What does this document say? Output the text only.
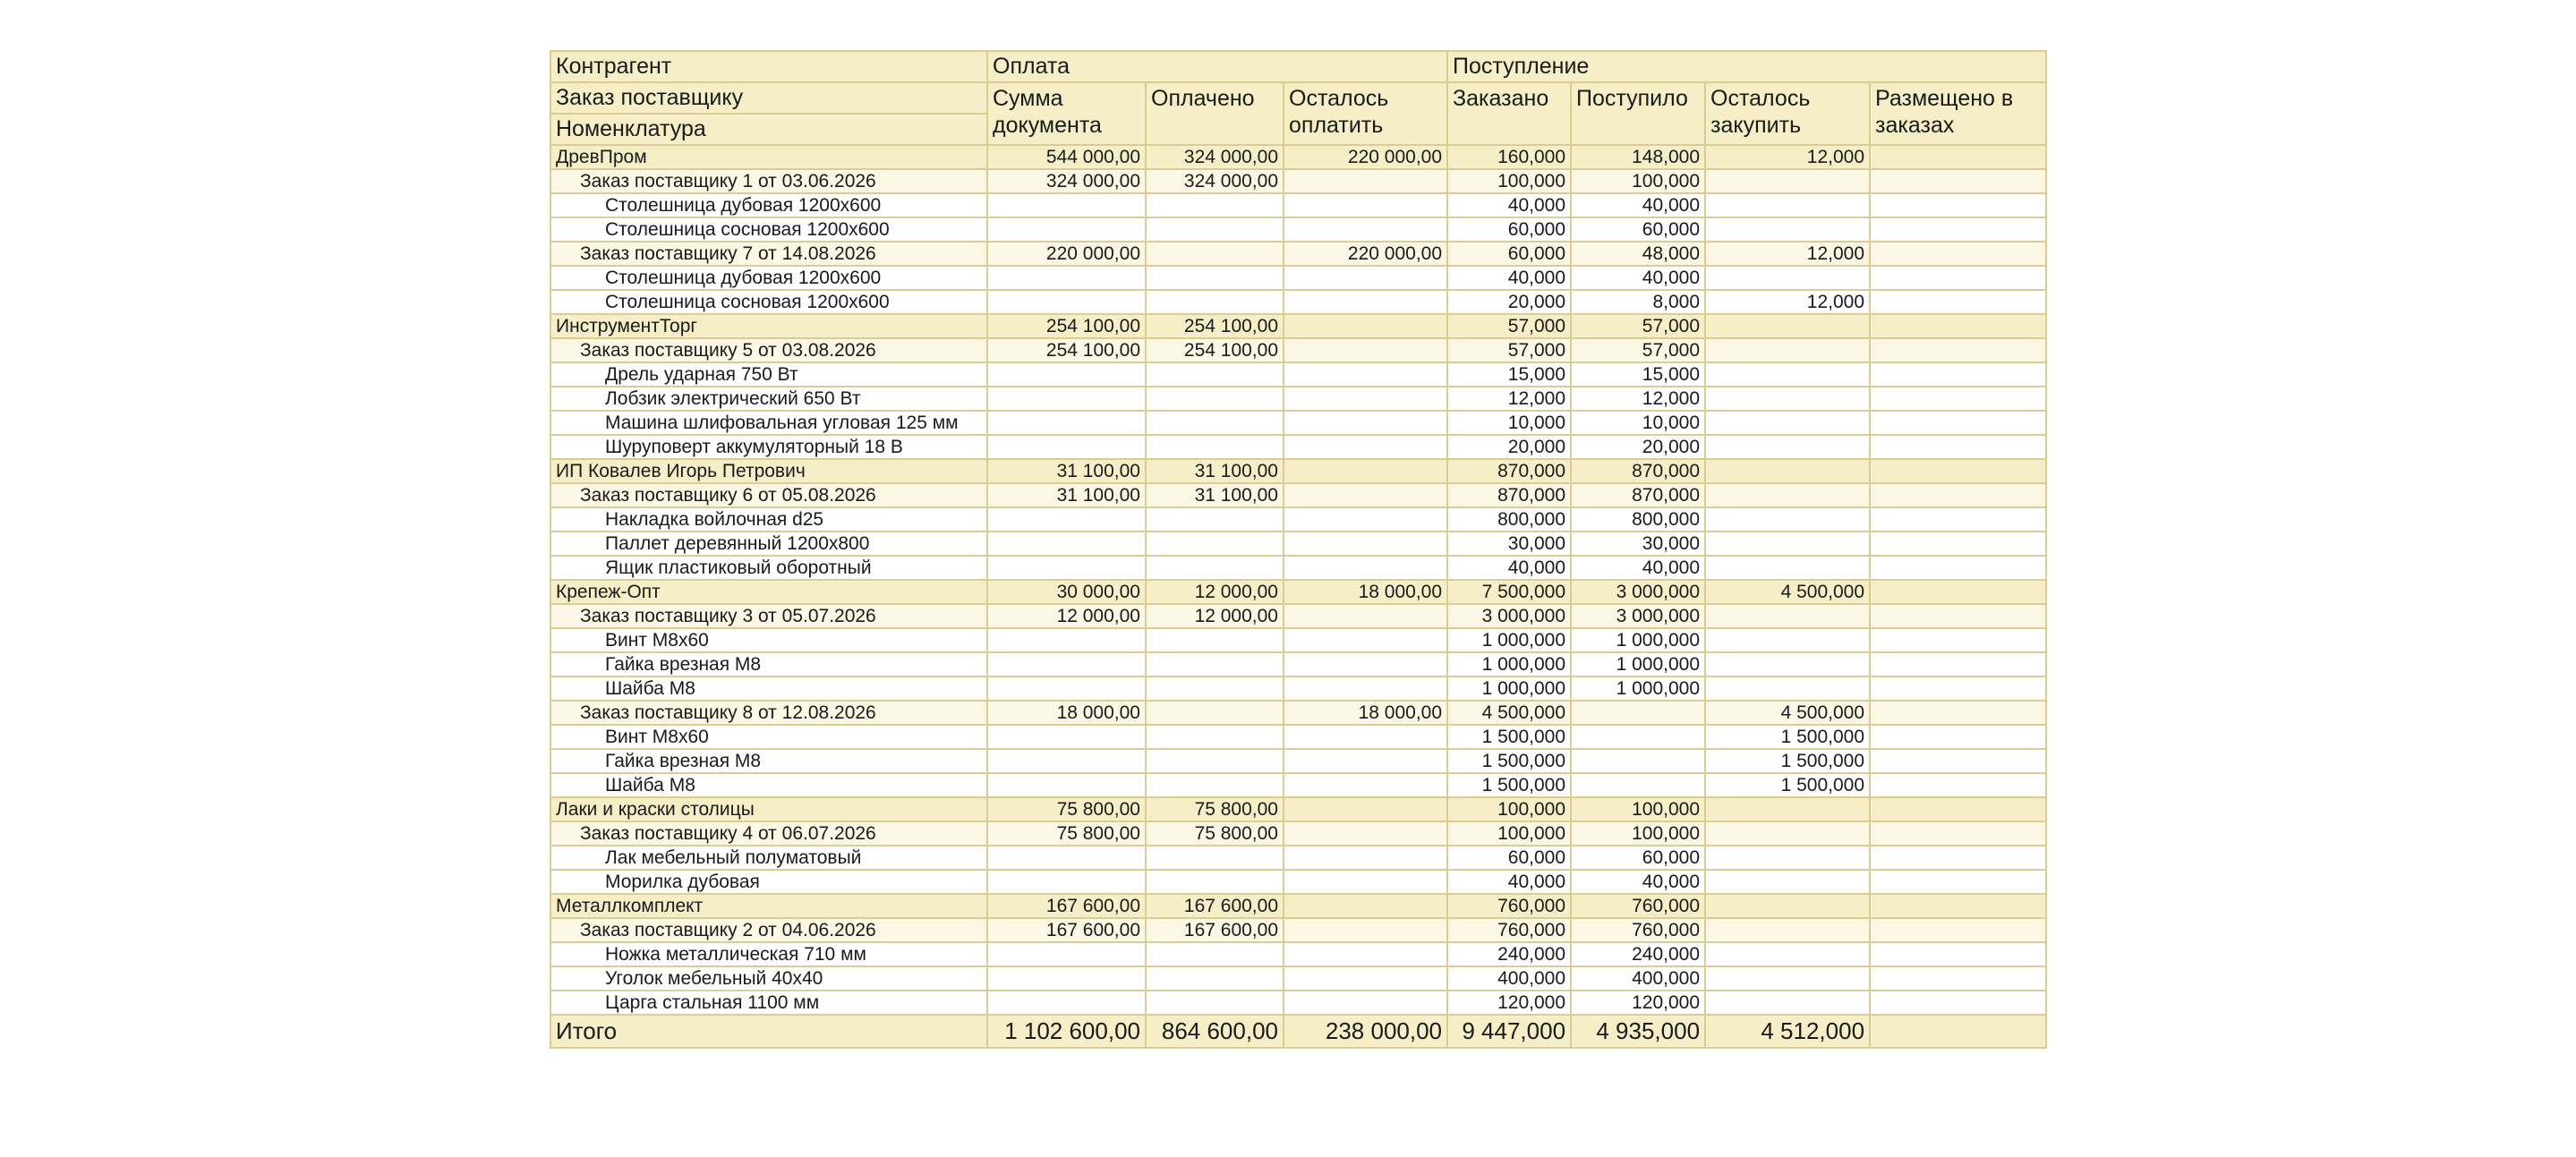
Контрагент	Оплата			Поступление			
Заказ поставщику	Сумма документа	Оплачено	Осталось оплатить	Заказано	Поступило	Осталось закупить	Размещено в заказах
Номенклатура							
ДревПром	544 000,00	324 000,00	220 000,00	160,000	148,000	12,000	
Заказ поставщику 1 от 03.06.2026	324 000,00	324 000,00		100,000	100,000		
Столешница дубовая 1200х600				40,000	40,000		
Столешница сосновая 1200х600				60,000	60,000		
Заказ поставщику 7 от 14.08.2026	220 000,00		220 000,00	60,000	48,000	12,000	
Столешница дубовая 1200х600				40,000	40,000		
Столешница сосновая 1200х600				20,000	8,000	12,000	
ИнструментТорг	254 100,00	254 100,00		57,000	57,000		
Заказ поставщику 5 от 03.08.2026	254 100,00	254 100,00		57,000	57,000		
Дрель ударная 750 Вт				15,000	15,000		
Лобзик электрический 650 Вт				12,000	12,000		
Машина шлифовальная угловая 125 мм				10,000	10,000		
Шуруповерт аккумуляторный 18 В				20,000	20,000		
ИП Ковалев Игорь Петрович	31 100,00	31 100,00		870,000	870,000		
Заказ поставщику 6 от 05.08.2026	31 100,00	31 100,00		870,000	870,000		
Накладка войлочная d25				800,000	800,000		
Паллет деревянный 1200х800				30,000	30,000		
Ящик пластиковый оборотный				40,000	40,000		
Крепеж-Опт	30 000,00	12 000,00	18 000,00	7 500,000	3 000,000	4 500,000	
Заказ поставщику 3 от 05.07.2026	12 000,00	12 000,00		3 000,000	3 000,000		
Винт М8х60				1 000,000	1 000,000		
Гайка врезная М8				1 000,000	1 000,000		
Шайба М8				1 000,000	1 000,000		
Заказ поставщику 8 от 12.08.2026	18 000,00		18 000,00	4 500,000		4 500,000	
Винт М8х60				1 500,000		1 500,000	
Гайка врезная М8				1 500,000		1 500,000	
Шайба М8				1 500,000		1 500,000	
Лаки и краски столицы	75 800,00	75 800,00		100,000	100,000		
Заказ поставщику 4 от 06.07.2026	75 800,00	75 800,00		100,000	100,000		
Лак мебельный полуматовый				60,000	60,000		
Морилка дубовая				40,000	40,000		
Металлкомплект	167 600,00	167 600,00		760,000	760,000		
Заказ поставщику 2 от 04.06.2026	167 600,00	167 600,00		760,000	760,000		
Ножка металлическая 710 мм				240,000	240,000		
Уголок мебельный 40х40				400,000	400,000		
Царга стальная 1100 мм				120,000	120,000		
Итого	1 102 600,00	864 600,00	238 000,00	9 447,000	4 935,000	4 512,000	
